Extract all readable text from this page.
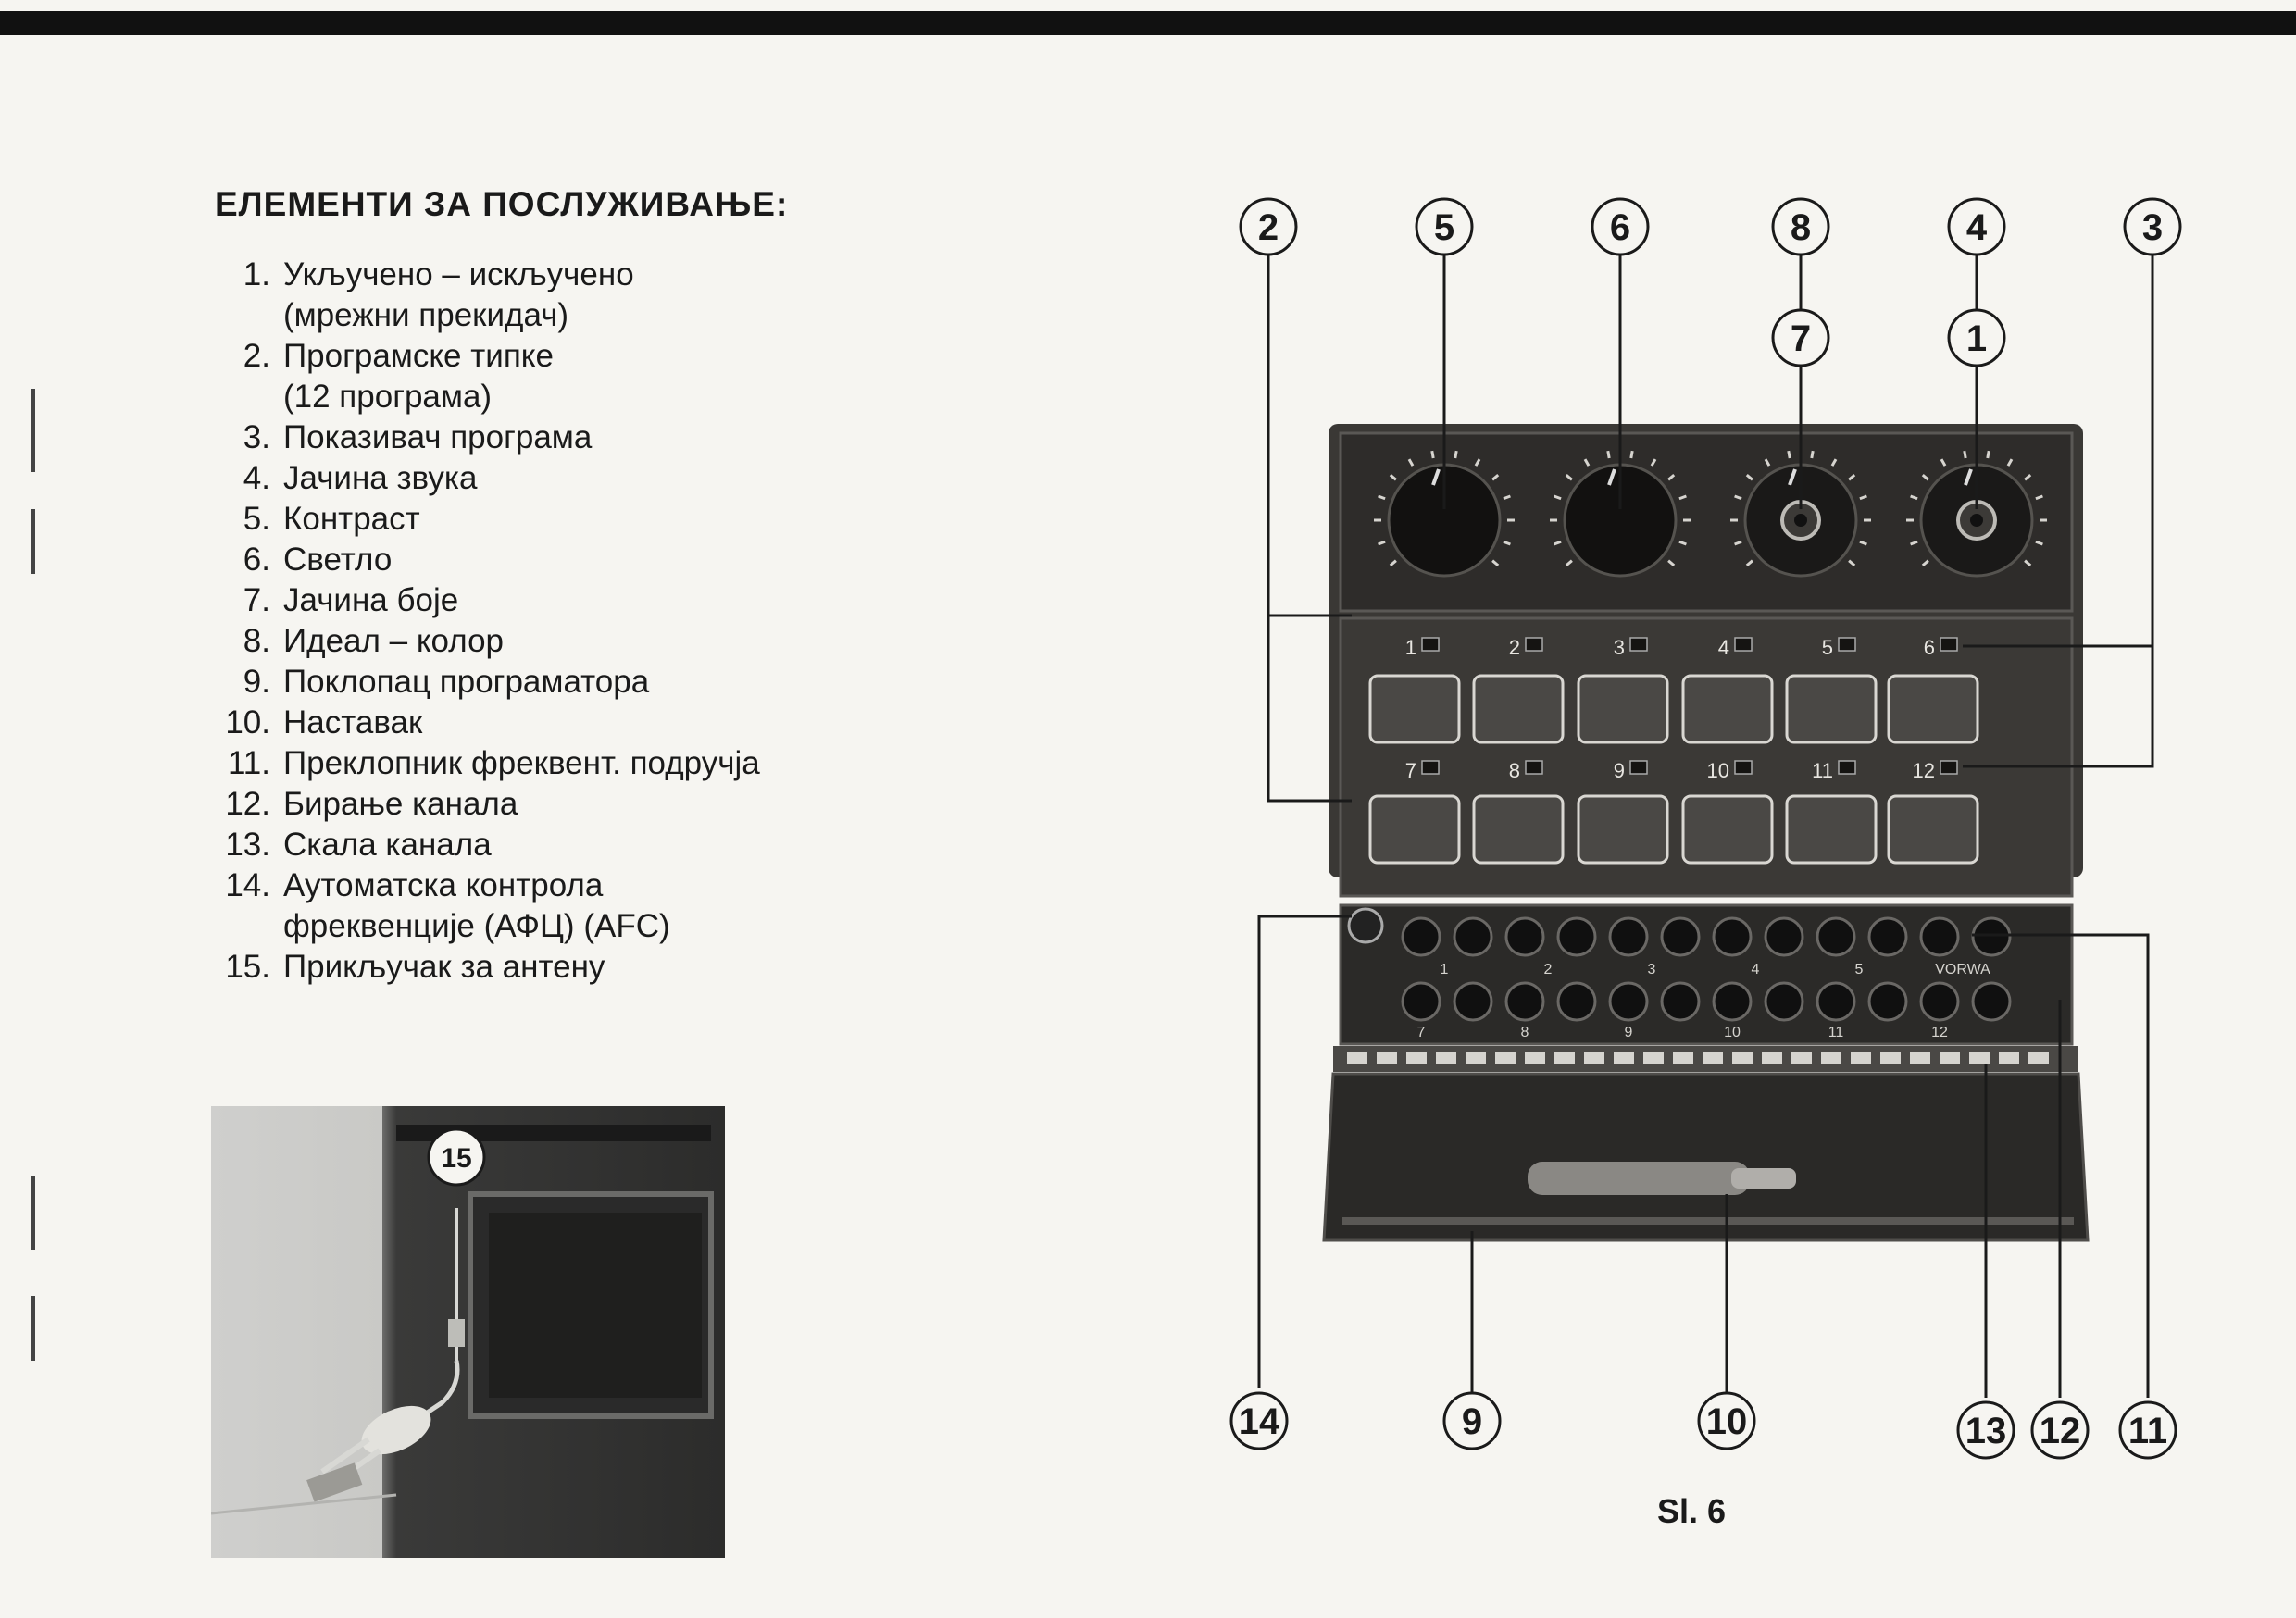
ЕЛЕМЕНТИ ЗА ПОСЛУЖИВАЊЕ:
1. Укључено – искључено
(мрежни прекидач)
2. Програмске типке
(12 програма)
3. Показивач програма
4. Јачина звука
5. Контраст
6. Светло
7. Јачина боје
8. Идеал – колор
9. Поклопац програматора
10. Наставак
11. Преклопник фреквент. подручја
12. Бирање канала
13. Скала канала
14. Аутоматска контрола
фреквенције (АФЦ) (AFC)
15. Прикључак за антену
15
1	2	3	4	5	6
7	8	9	10	11	12
1	2	3	4	5	VORWA
7	8	9	10	11	12
2	5	6	8	4	3
7	1
14	9	10	13 12 11
Sl. 6
